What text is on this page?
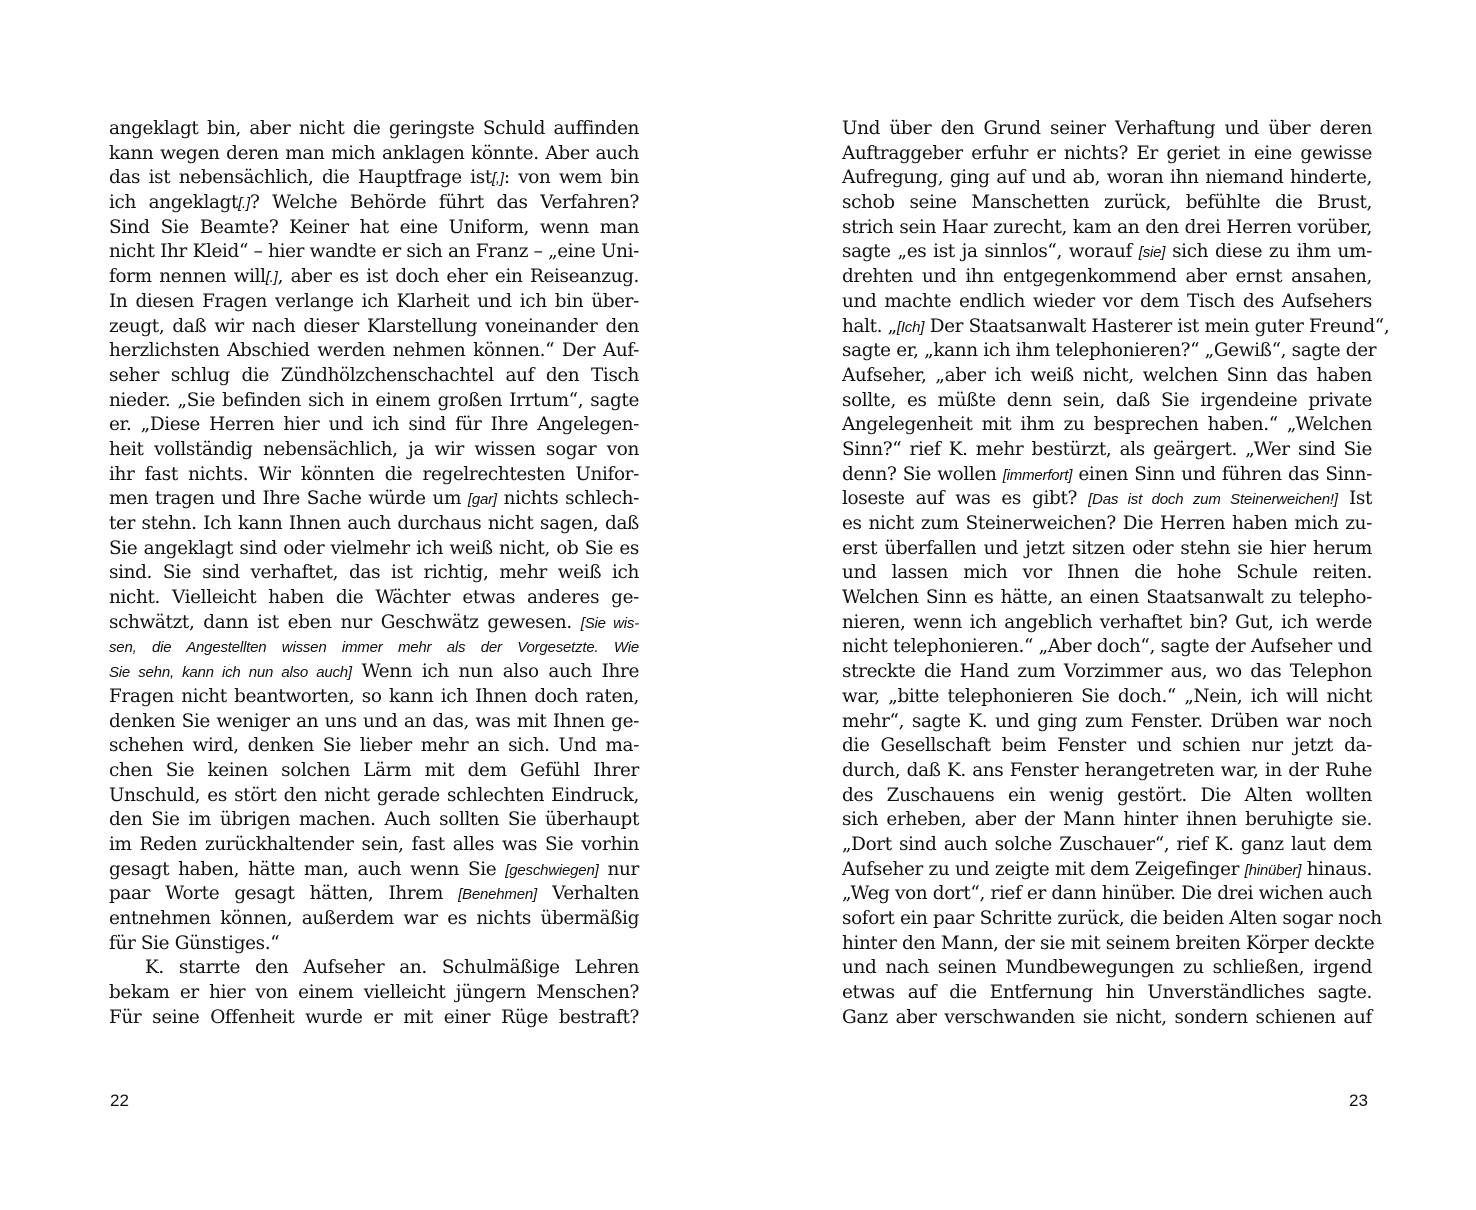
angeklagt bin, aber nicht die geringste Schuld auffinden
kann wegen deren man mich anklagen könnte. Aber auch
das ist nebensächlich, die Hauptfrage ist[,]: von wem bin
ich angeklagt[.]? Welche Behörde führt das Verfahren?
Sind Sie Beamte? Keiner hat eine Uniform, wenn man
nicht Ihr Kleid“ – hier wandte er sich an Franz – „eine Uni-
form nennen will[.], aber es ist doch eher ein Reiseanzug.
In diesen Fragen verlange ich Klarheit und ich bin über-
zeugt, daß wir nach dieser Klarstellung voneinander den
herzlichsten Abschied werden nehmen können.“ Der Auf-
seher schlug die Zündhölzchenschachtel auf den Tisch
nieder. „Sie befinden sich in einem großen Irrtum“, sagte
er. „Diese Herren hier und ich sind für Ihre Angelegen-
heit vollständig nebensächlich, ja wir wissen sogar von
ihr fast nichts. Wir könnten die regelrechtesten Unifor-
men tragen und Ihre Sache würde um [gar] nichts schlech-
ter stehn. Ich kann Ihnen auch durchaus nicht sagen, daß
Sie angeklagt sind oder vielmehr ich weiß nicht, ob Sie es
sind. Sie sind verhaftet, das ist richtig, mehr weiß ich
nicht. Vielleicht haben die Wächter etwas anderes ge-
schwätzt, dann ist eben nur Geschwätz gewesen. [Sie wis-
sen, die Angestellten wissen immer mehr als der Vorgesetzte. Wie
Sie sehn, kann ich nun also auch] Wenn ich nun also auch Ihre
Fragen nicht beantworten, so kann ich Ihnen doch raten,
denken Sie weniger an uns und an das, was mit Ihnen ge-
schehen wird, denken Sie lieber mehr an sich. Und ma-
chen Sie keinen solchen Lärm mit dem Gefühl Ihrer
Unschuld, es stört den nicht gerade schlechten Eindruck,
den Sie im übrigen machen. Auch sollten Sie überhaupt
im Reden zurückhaltender sein, fast alles was Sie vorhin
gesagt haben, hätte man, auch wenn Sie [geschwiegen] nur
paar Worte gesagt hätten, Ihrem [Benehmen] Verhalten
entnehmen können, außerdem war es nichts übermäßig
für Sie Günstiges.“
K. starrte den Aufseher an. Schulmäßige Lehren
bekam er hier von einem vielleicht jüngern Menschen?
Für seine Offenheit wurde er mit einer Rüge bestraft?
Und über den Grund seiner Verhaftung und über deren
Auftraggeber erfuhr er nichts? Er geriet in eine gewisse
Aufregung, ging auf und ab, woran ihn niemand hinderte,
schob seine Manschetten zurück, befühlte die Brust,
strich sein Haar zurecht, kam an den drei Herren vorüber,
sagte „es ist ja sinnlos“, worauf [sie] sich diese zu ihm um-
drehten und ihn entgegenkommend aber ernst ansahen,
und machte endlich wieder vor dem Tisch des Aufsehers
halt. „[Ich] Der Staatsanwalt Hasterer ist mein guter Freund“,
sagte er, „kann ich ihm telephonieren?“ „Gewiß“, sagte der
Aufseher, „aber ich weiß nicht, welchen Sinn das haben
sollte, es müßte denn sein, daß Sie irgendeine private
Angelegenheit mit ihm zu besprechen haben.“ „Welchen
Sinn?“ rief K. mehr bestürzt, als geärgert. „Wer sind Sie
denn? Sie wollen [immerfort] einen Sinn und führen das Sinn-
loseste auf was es gibt? [Das ist doch zum Steinerweichen!] Ist
es nicht zum Steinerweichen? Die Herren haben mich zu-
erst überfallen und jetzt sitzen oder stehn sie hier herum
und lassen mich vor Ihnen die hohe Schule reiten.
Welchen Sinn es hätte, an einen Staatsanwalt zu telepho-
nieren, wenn ich angeblich verhaftet bin? Gut, ich werde
nicht telephonieren.“ „Aber doch“, sagte der Aufseher und
streckte die Hand zum Vorzimmer aus, wo das Telephon
war, „bitte telephonieren Sie doch.“ „Nein, ich will nicht
mehr“, sagte K. und ging zum Fenster. Drüben war noch
die Gesellschaft beim Fenster und schien nur jetzt da-
durch, daß K. ans Fenster herangetreten war, in der Ruhe
des Zuschauens ein wenig gestört. Die Alten wollten
sich erheben, aber der Mann hinter ihnen beruhigte sie.
„Dort sind auch solche Zuschauer“, rief K. ganz laut dem
Aufseher zu und zeigte mit dem Zeigefinger [hinüber] hinaus.
„Weg von dort“, rief er dann hinüber. Die drei wichen auch
sofort ein paar Schritte zurück, die beiden Alten sogar noch
hinter den Mann, der sie mit seinem breiten Körper deckte
und nach seinen Mundbewegungen zu schließen, irgend
etwas auf die Entfernung hin Unverständliches sagte.
Ganz aber verschwanden sie nicht, sondern schienen auf
22	23
